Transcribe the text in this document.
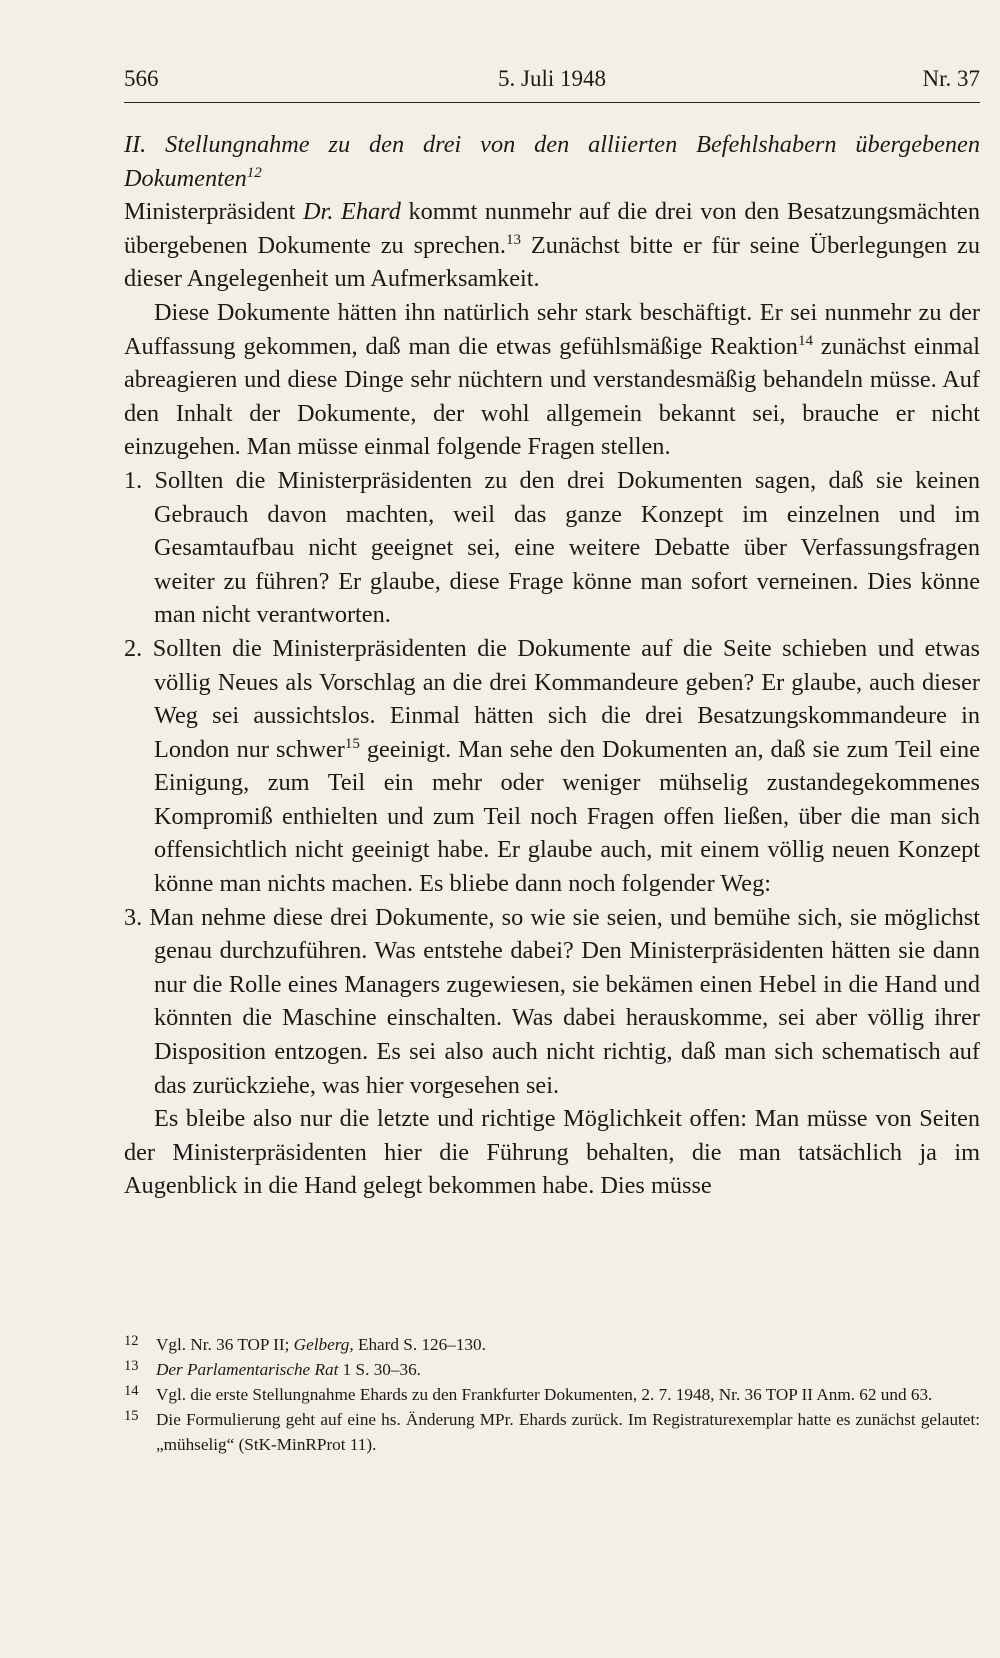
566	5. Juli 1948	Nr. 37

II. Stellungnahme zu den drei von den alliierten Befehlshabern übergebenen Dokumenten$^{12}$

Ministerpräsident Dr. Ehard kommt nunmehr auf die drei von den Besatzungsmächten übergebenen Dokumente zu sprechen.$^{13}$ Zunächst bitte er für seine Überlegungen zu dieser Angelegenheit um Aufmerksamkeit.

Diese Dokumente hätten ihn natürlich sehr stark beschäftigt. Er sei nunmehr zu der Auffassung gekommen, daß man die etwas gefühlsmäßige Reaktion$^{14}$ zunächst einmal abreagieren und diese Dinge sehr nüchtern und verstandesmäßig behandeln müsse. Auf den Inhalt der Dokumente, der wohl allgemein bekannt sei, brauche er nicht einzugehen. Man müsse einmal folgende Fragen stellen.

1. Sollten die Ministerpräsidenten zu den drei Dokumenten sagen, daß sie keinen Gebrauch davon machten, weil das ganze Konzept im einzelnen und im Gesamtaufbau nicht geeignet sei, eine weitere Debatte über Verfassungsfragen weiter zu führen? Er glaube, diese Frage könne man sofort verneinen. Dies könne man nicht verantworten.

2. Sollten die Ministerpräsidenten die Dokumente auf die Seite schieben und etwas völlig Neues als Vorschlag an die drei Kommandeure geben? Er glaube, auch dieser Weg sei aussichtslos. Einmal hätten sich die drei Besatzungskommandeure in London nur schwer$^{15}$ geeinigt. Man sehe den Dokumenten an, daß sie zum Teil eine Einigung, zum Teil ein mehr oder weniger mühselig zustandegekommenes Kompromiß enthielten und zum Teil noch Fragen offen ließen, über die man sich offensichtlich nicht geeinigt habe. Er glaube auch, mit einem völlig neuen Konzept könne man nichts machen. Es bliebe dann noch folgender Weg:

3. Man nehme diese drei Dokumente, so wie sie seien, und bemühe sich, sie möglichst genau durchzuführen. Was entstehe dabei? Den Ministerpräsidenten hätten sie dann nur die Rolle eines Managers zugewiesen, sie bekämen einen Hebel in die Hand und könnten die Maschine einschalten. Was dabei herauskomme, sei aber völlig ihrer Disposition entzogen. Es sei also auch nicht richtig, daß man sich schematisch auf das zurückziehe, was hier vorgesehen sei.

Es bleibe also nur die letzte und richtige Möglichkeit offen: Man müsse von Seiten der Ministerpräsidenten hier die Führung behalten, die man tatsächlich ja im Augenblick in die Hand gelegt bekommen habe. Dies müsse

12 Vgl. Nr. 36 TOP II; Gelberg, Ehard S. 126–130.

13 Der Parlamentarische Rat 1 S. 30–36.

14 Vgl. die erste Stellungnahme Ehards zu den Frankfurter Dokumenten, 2. 7. 1948, Nr. 36 TOP II Anm. 62 und 63.

15 Die Formulierung geht auf eine hs. Änderung MPr. Ehards zurück. Im Registraturexemplar hatte es zunächst gelautet: „mühselig“ (StK-MinRProt 11).
